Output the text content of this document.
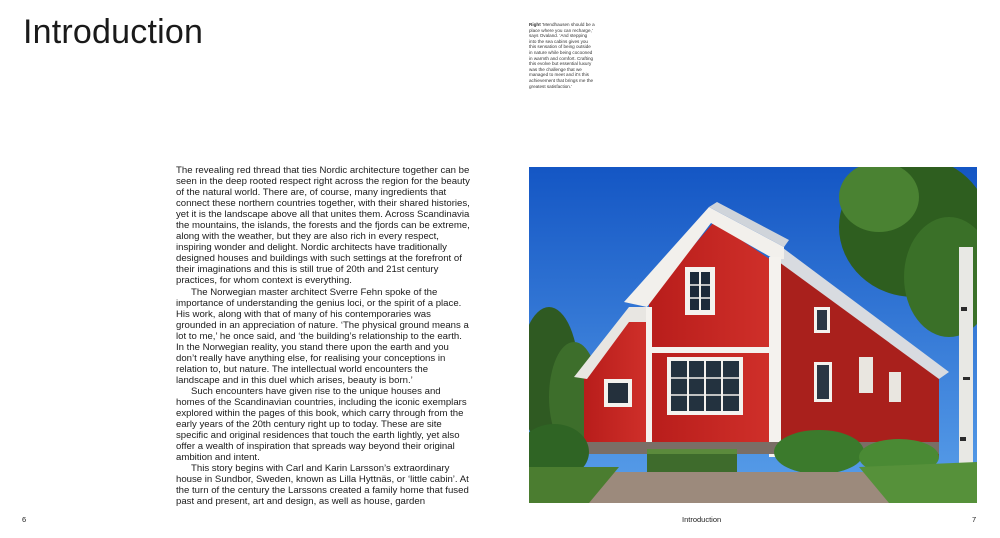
Introduction	Right ‘Mendhausen should be a place where you can recharge,’ says Ovaland. ‘And stepping into the sea cabins gives you this sensation of being outside in nature while being cocooned in warmth and comfort. Crafting this evolve but essential luxury was the challenge that we managed to meet and it’s this achievement that brings me the greatest satisfaction.’

The revealing red thread that ties Nordic architecture together can be seen in the deep rooted respect right across the region for the beauty of the natural world. There are, of course, many ingredients that connect these northern countries together, with their shared histories, yet it is the landscape above all that unites them. Across Scandinavia the mountains, the islands, the forests and the fjords can be extreme, along with the weather, but they are also rich in every respect, inspiring wonder and delight. Nordic architects have traditionally designed houses and buildings with such settings at the forefront of their imaginations and this is still true of 20th and 21st century practices, for whom context is everything.

The Norwegian master architect Sverre Fehn spoke of the importance of understanding the genius loci, or the spirit of a place. His work, along with that of many of his contemporaries was grounded in an appreciation of nature. ‘The physical ground means a lot to me,’ he once said, and ‘the building’s relationship to the earth. In the Norwegian reality, you stand there upon the earth and you don’t really have anything else, for realising your conceptions in relation to, but nature. The intellectual world encounters the landscape and in this duel which arises, beauty is born.’

Such encounters have given rise to the unique houses and homes of the Scandinavian countries, including the iconic exemplars explored within the pages of this book, which carry through from the early years of the 20th century right up to today. These are site specific and original residences that touch the earth lightly, yet also offer a wealth of inspiration that spreads way beyond their original ambition and intent.

This story begins with Carl and Karin Larsson’s extraordinary house in Sundbor, Sweden, known as Lilla Hyttnäs, or ‘little cabin’. At the turn of the century the Larssons created a family home that fused past and present, art and design, as well as house, garden

6	Introduction	7
